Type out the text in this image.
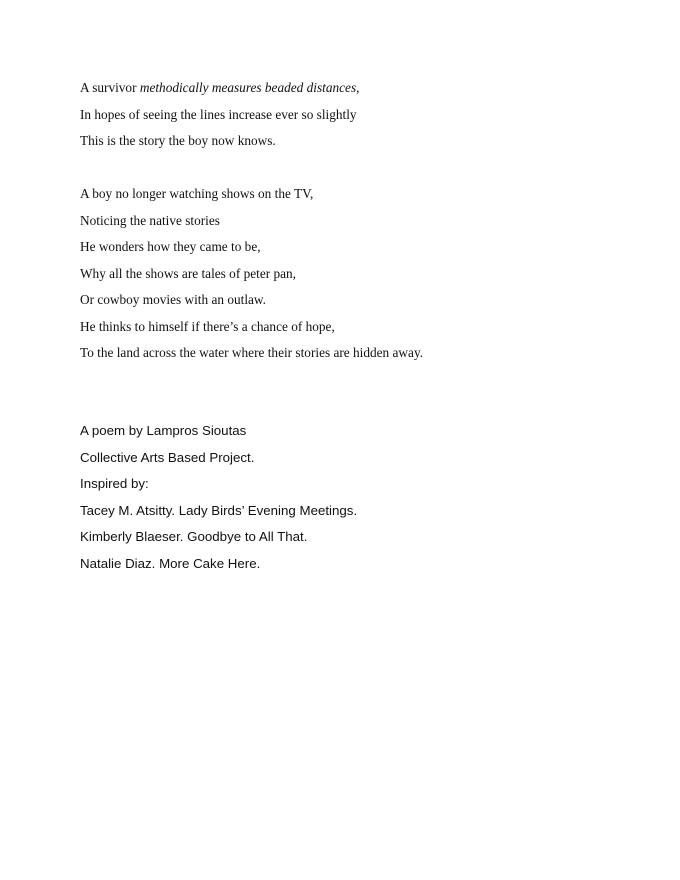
A survivor methodically measures beaded distances,
In hopes of seeing the lines increase ever so slightly
This is the story the boy now knows.
A boy no longer watching shows on the TV,
Noticing the native stories
He wonders how they came to be,
Why all the shows are tales of peter pan,
Or cowboy movies with an outlaw.
He thinks to himself if there’s a chance of hope,
To the land across the water where their stories are hidden away.
A poem by Lampros Sioutas
Collective Arts Based Project.
Inspired by:
Tacey M. Atsitty. Lady Birds’ Evening Meetings.
Kimberly Blaeser. Goodbye to All That.
Natalie Diaz. More Cake Here.
